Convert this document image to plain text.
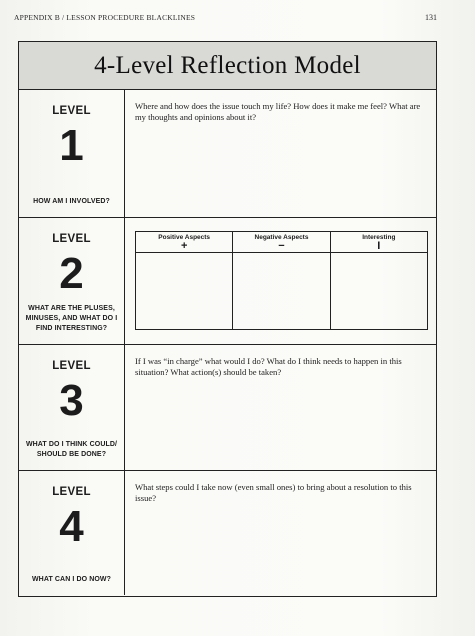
APPENDIX B / LESSON PROCEDURE BLACKLINES	131
4-Level Reflection Model
LEVEL
1
HOW AM I INVOLVED?
Where and how does the issue touch my life? How does it make me feel? What are my thoughts and opinions about it?
LEVEL
2
WHAT ARE THE PLUSES, MINUSES, AND WHAT DO I FIND INTERESTING?
Positive Aspects
+
Negative Aspects
−
Interesting
I
LEVEL
3
WHAT DO I THINK COULD/ SHOULD BE DONE?
If I was “in charge” what would I do? What do I think needs to happen in this situation? What action(s) should be taken?
LEVEL
4
WHAT CAN I DO NOW?
What steps could I take now (even small ones) to bring about a resolution to this issue?
